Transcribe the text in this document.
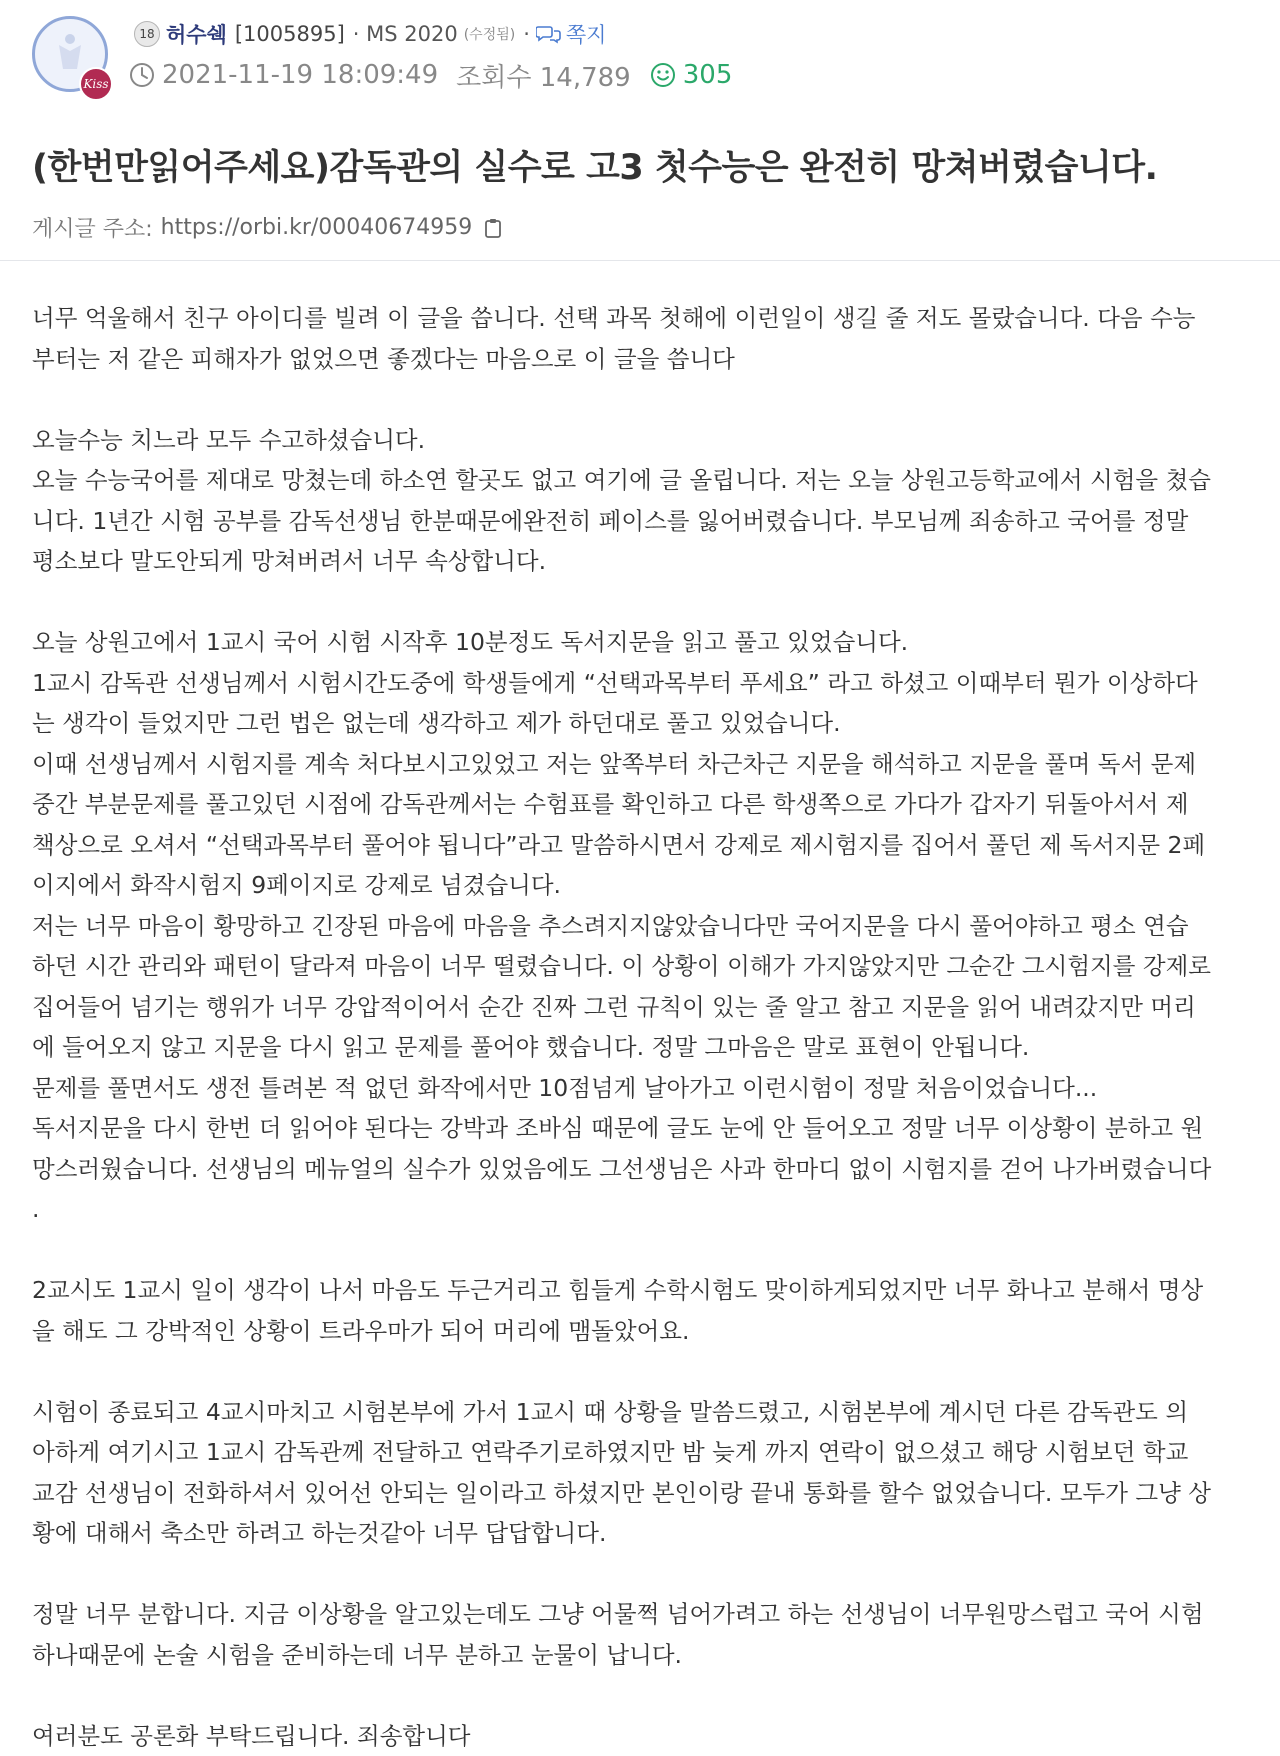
Kiss
18 허수쉑 [1005895] · MS 2020 (수정됨) · 쪽지
2021-11-19 18:09:49 조회수 14,789 305
(한번만읽어주세요)감독관의 실수로 고3 첫수능은 완전히 망쳐버렸습니다.
게시글 주소: https://orbi.kr/00040674959
너무 억울해서 친구 아이디를 빌려 이 글을 씁니다. 선택 과목 첫해에 이런일이 생길 줄 저도 몰랐습니다. 다음 수능
부터는 저 같은 피해자가 없었으면 좋겠다는 마음으로 이 글을 씁니다

오늘수능 치느라 모두 수고하셨습니다.
오늘 수능국어를 제대로 망쳤는데 하소연 할곳도 없고 여기에 글 올립니다. 저는 오늘 상원고등학교에서 시험을 쳤습
니다. 1년간 시험 공부를 감독선생님 한분때문에완전히 페이스를 잃어버렸습니다. 부모님께 죄송하고 국어를 정말
평소보다 말도안되게 망쳐버려서 너무 속상합니다.

오늘 상원고에서 1교시 국어 시험 시작후 10분정도 독서지문을 읽고 풀고 있었습니다.
1교시 감독관 선생님께서 시험시간도중에 학생들에게 “선택과목부터 푸세요” 라고 하셨고 이때부터 뭔가 이상하다
는 생각이 들었지만 그런 법은 없는데 생각하고 제가 하던대로 풀고 있었습니다.
이때 선생님께서 시험지를 계속 처다보시고있었고 저는 앞쪽부터 차근차근 지문을 해석하고 지문을 풀며 독서 문제
중간 부분문제를 풀고있던 시점에 감독관께서는 수험표를 확인하고 다른 학생쪽으로 가다가 갑자기 뒤돌아서서 제
책상으로 오셔서 “선택과목부터 풀어야 됩니다”라고 말씀하시면서 강제로 제시험지를 집어서 풀던 제 독서지문 2페
이지에서 화작시험지 9페이지로 강제로 넘겼습니다.
저는 너무 마음이 황망하고 긴장된 마음에 마음을 추스려지지않았습니다만 국어지문을 다시 풀어야하고 평소 연습
하던 시간 관리와 패턴이 달라져 마음이 너무 떨렸습니다. 이 상황이 이해가 가지않았지만 그순간 그시험지를 강제로
집어들어 넘기는 행위가 너무 강압적이어서 순간 진짜 그런 규칙이 있는 줄 알고 참고 지문을 읽어 내려갔지만 머리
에 들어오지 않고 지문을 다시 읽고 문제를 풀어야 했습니다. 정말 그마음은 말로 표현이 안됩니다.
문제를 풀면서도 생전 틀려본 적 없던 화작에서만 10점넘게 날아가고 이런시험이 정말 처음이었습니다...
독서지문을 다시 한번 더 읽어야 된다는 강박과 조바심 때문에 글도 눈에 안 들어오고 정말 너무 이상황이 분하고 원
망스러웠습니다. 선생님의 메뉴얼의 실수가 있었음에도 그선생님은 사과 한마디 없이 시험지를 걷어 나가버렸습니다
.

2교시도 1교시 일이 생각이 나서 마음도 두근거리고 힘들게 수학시험도 맞이하게되었지만 너무 화나고 분해서 명상
을 해도 그 강박적인 상황이 트라우마가 되어 머리에 맴돌았어요.

시험이 종료되고 4교시마치고 시험본부에 가서 1교시 때 상황을 말씀드렸고, 시험본부에 계시던 다른 감독관도 의
아하게 여기시고 1교시 감독관께 전달하고 연락주기로하였지만 밤 늦게 까지 연락이 없으셨고 해당 시험보던 학교
교감 선생님이 전화하셔서 있어선 안되는 일이라고 하셨지만 본인이랑 끝내 통화를 할수 없었습니다. 모두가 그냥 상
황에 대해서 축소만 하려고 하는것같아 너무 답답합니다.

정말 너무 분합니다. 지금 이상황을 알고있는데도 그냥 어물쩍 넘어가려고 하는 선생님이 너무원망스럽고 국어 시험
하나때문에 논술 시험을 준비하는데 너무 분하고 눈물이 납니다.

여러분도 공론화 부탁드립니다. 죄송합니다
